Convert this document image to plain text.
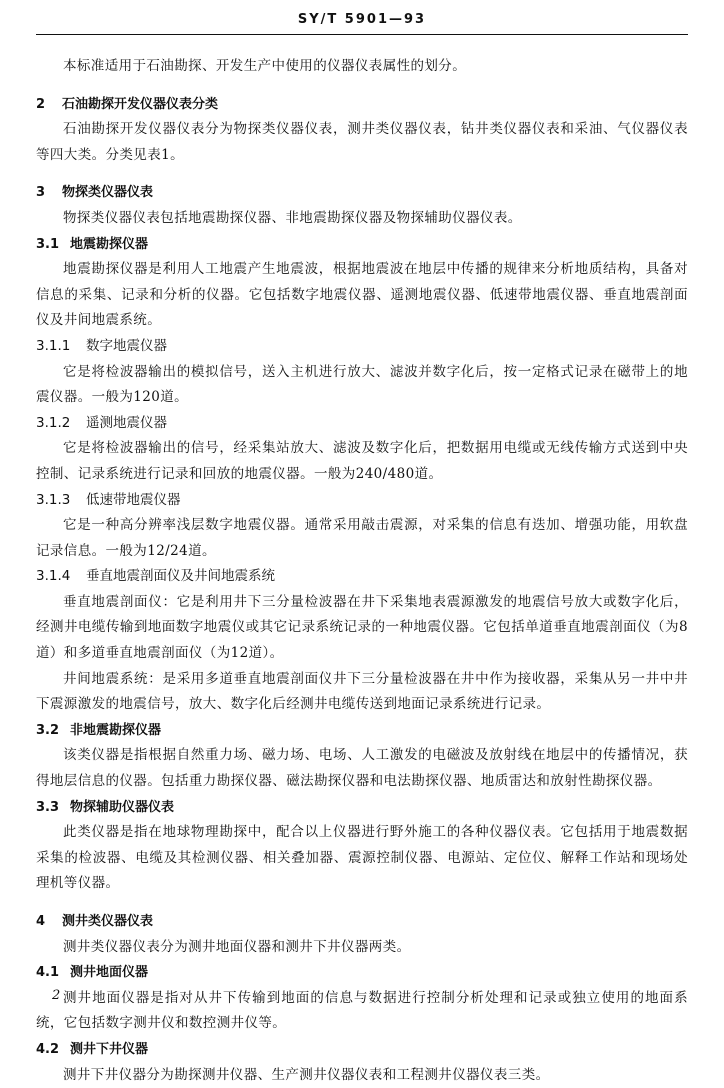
SY/T 5901—93

本标准适用于石油勘探、开发生产中使用的仪器仪表属性的划分。

2 石油勘探开发仪器仪表分类

石油勘探开发仪器仪表分为物探类仪器仪表，测井类仪器仪表，钻井类仪器仪表和采油、气仪器仪表等四大类。分类见表1。

3 物探类仪器仪表

物探类仪器仪表包括地震勘探仪器、非地震勘探仪器及物探辅助仪器仪表。

3.1 地震勘探仪器

地震勘探仪器是利用人工地震产生地震波，根据地震波在地层中传播的规律来分析地质结构，具备对信息的采集、记录和分析的仪器。它包括数字地震仪器、遥测地震仪器、低速带地震仪器、垂直地震剖面仪及井间地震系统。

3.1.1 数字地震仪器

它是将检波器输出的模拟信号，送入主机进行放大、滤波并数字化后，按一定格式记录在磁带上的地震仪器。一般为120道。

3.1.2 遥测地震仪器

它是将检波器输出的信号，经采集站放大、滤波及数字化后，把数据用电缆或无线传输方式送到中央控制、记录系统进行记录和回放的地震仪器。一般为240/480道。

3.1.3 低速带地震仪器

它是一种高分辨率浅层数字地震仪器。通常采用敲击震源，对采集的信息有迭加、增强功能，用软盘记录信息。一般为12/24道。

3.1.4 垂直地震剖面仪及井间地震系统

垂直地震剖面仪：它是利用井下三分量检波器在井下采集地表震源激发的地震信号放大或数字化后，经测井电缆传输到地面数字地震仪或其它记录系统记录的一种地震仪器。它包括单道垂直地震剖面仪（为8道）和多道垂直地震剖面仪（为12道）。

井间地震系统：是采用多道垂直地震剖面仪井下三分量检波器在井中作为接收器，采集从另一井中井下震源激发的地震信号，放大、数字化后经测井电缆传送到地面记录系统进行记录。

3.2 非地震勘探仪器

该类仪器是指根据自然重力场、磁力场、电场、人工激发的电磁波及放射线在地层中的传播情况，获得地层信息的仪器。包括重力勘探仪器、磁法勘探仪器和电法勘探仪器、地质雷达和放射性勘探仪器。

3.3 物探辅助仪器仪表

此类仪器是指在地球物理勘探中，配合以上仪器进行野外施工的各种仪器仪表。它包括用于地震数据采集的检波器、电缆及其检测仪器、相关叠加器、震源控制仪器、电源站、定位仪、解释工作站和现场处理机等仪器。

4 测井类仪器仪表

测井类仪器仪表分为测井地面仪器和测井下井仪器两类。

4.1 测井地面仪器

测井地面仪器是指对从井下传输到地面的信息与数据进行控制分析处理和记录或独立使用的地面系统，它包括数字测井仪和数控测井仪等。

4.2 测井下井仪器

测井下井仪器分为勘探测井仪器、生产测井仪器仪表和工程测井仪器仪表三类。

2
